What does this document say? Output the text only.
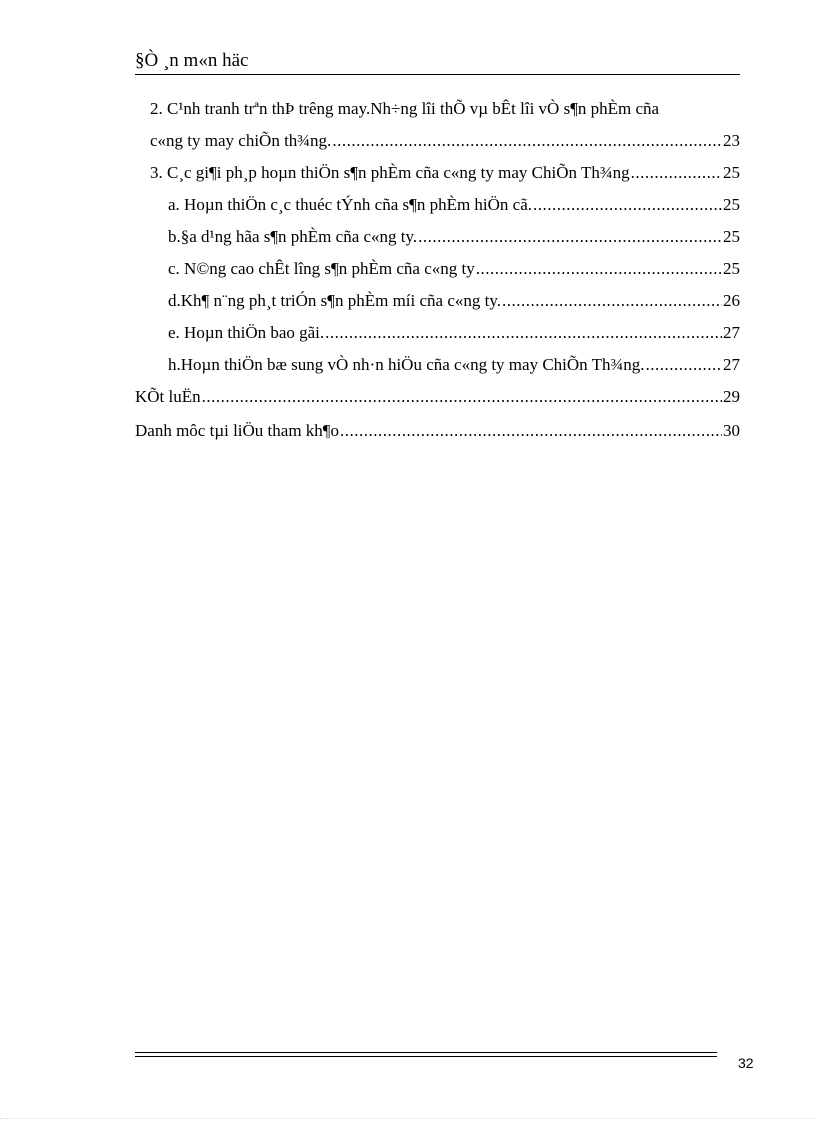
§Ò ¸n m«n häc
2. C¹nh tranh trªn thÞ trêng may.Nh÷ng lîi thÕ vµ bÊt lîi vÒ s¶n phÈm cña
c«ng ty may chiÕn th¾ng. .....	23
3. C¸c gi¶i ph¸p hoµn thiÖn s¶n phÈm cña c«ng ty may ChiÕn Th¾ng .....	25
a. Hoµn thiÖn c¸c thuéc tÝnh cña s¶n phÈm hiÖn cã. .....	25
b.§a d¹ng hãa s¶n phÈm cña c«ng ty. .....	25
c. N©ng cao chÊt lîng s¶n phÈm cña c«ng ty .....	25
d.Kh¶ n¨ng ph¸t triÓn s¶n phÈm míi cña c«ng ty. .....	26
e. Hoµn thiÖn bao gãi. .....	27
h.Hoµn thiÖn bæ sung vÒ nh·n hiÖu cña c«ng ty may ChiÕn Th¾ng. .....	27
KÕt luËn .....	29
Danh môc tµi liÖu tham kh¶o .....	30
32
